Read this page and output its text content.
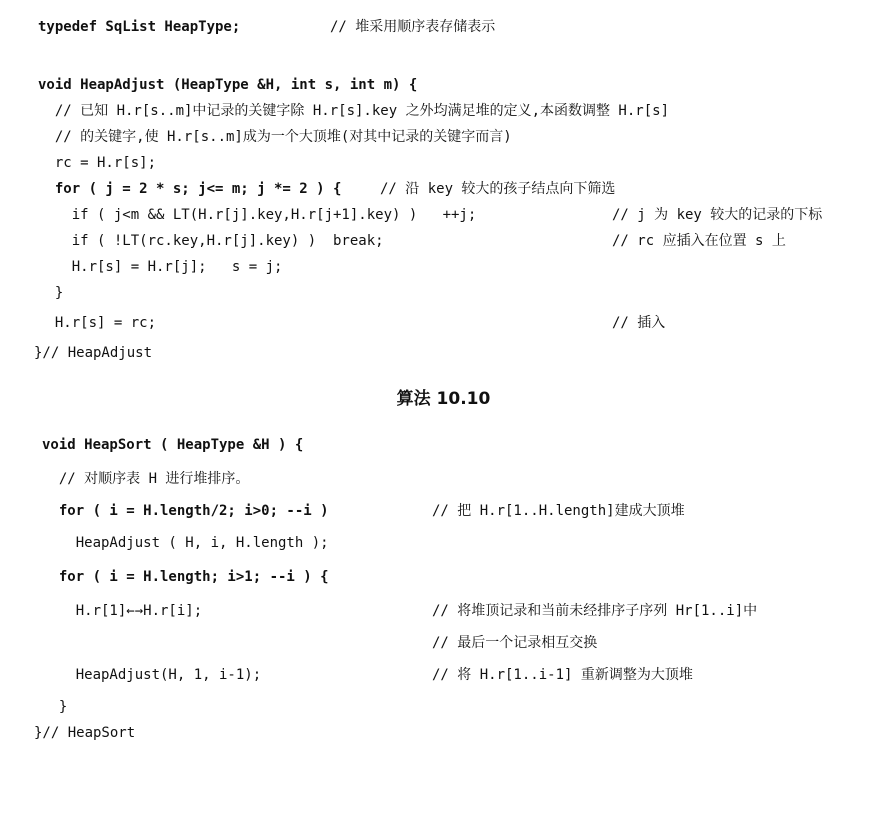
typedef SqList HeapType;

	// 堆采用顺序表存储表示

void HeapAdjust (HeapType &H, int s, int m) {

// 已知 H.r[s..m]中记录的关键字除 H.r[s].key 之外均满足堆的定义,本函数调整 H.r[s]

// 的关键字,使 H.r[s..m]成为一个大顶堆(对其中记录的关键字而言)

rc = H.r[s];

for ( j = 2 * s; j<= m; j *= 2 ) {

	// 沿 key 较大的孩子结点向下筛选

if ( j<m && LT(H.r[j].key,H.r[j+1].key) )   ++j;

	// j 为 key 较大的记录的下标

if ( !LT(rc.key,H.r[j].key) )  break;

	// rc 应插入在位置 s 上

H.r[s] = H.r[j];   s = j;

}

H.r[s] = rc;

	// 插入

}// HeapAdjust

算法 10.10

void HeapSort ( HeapType &H ) {

// 对顺序表 H 进行堆排序。

for ( i = H.length/2; i>0; --i )

	// 把 H.r[1..H.length]建成大顶堆

HeapAdjust ( H, i, H.length );

for ( i = H.length; i>1; --i ) {

H.r[1]←→H.r[i];

	// 将堆顶记录和当前未经排序子序列 Hr[1..i]中

// 最后一个记录相互交换

HeapAdjust(H, 1, i-1);

	// 将 H.r[1..i-1] 重新调整为大顶堆

}

}// HeapSort
